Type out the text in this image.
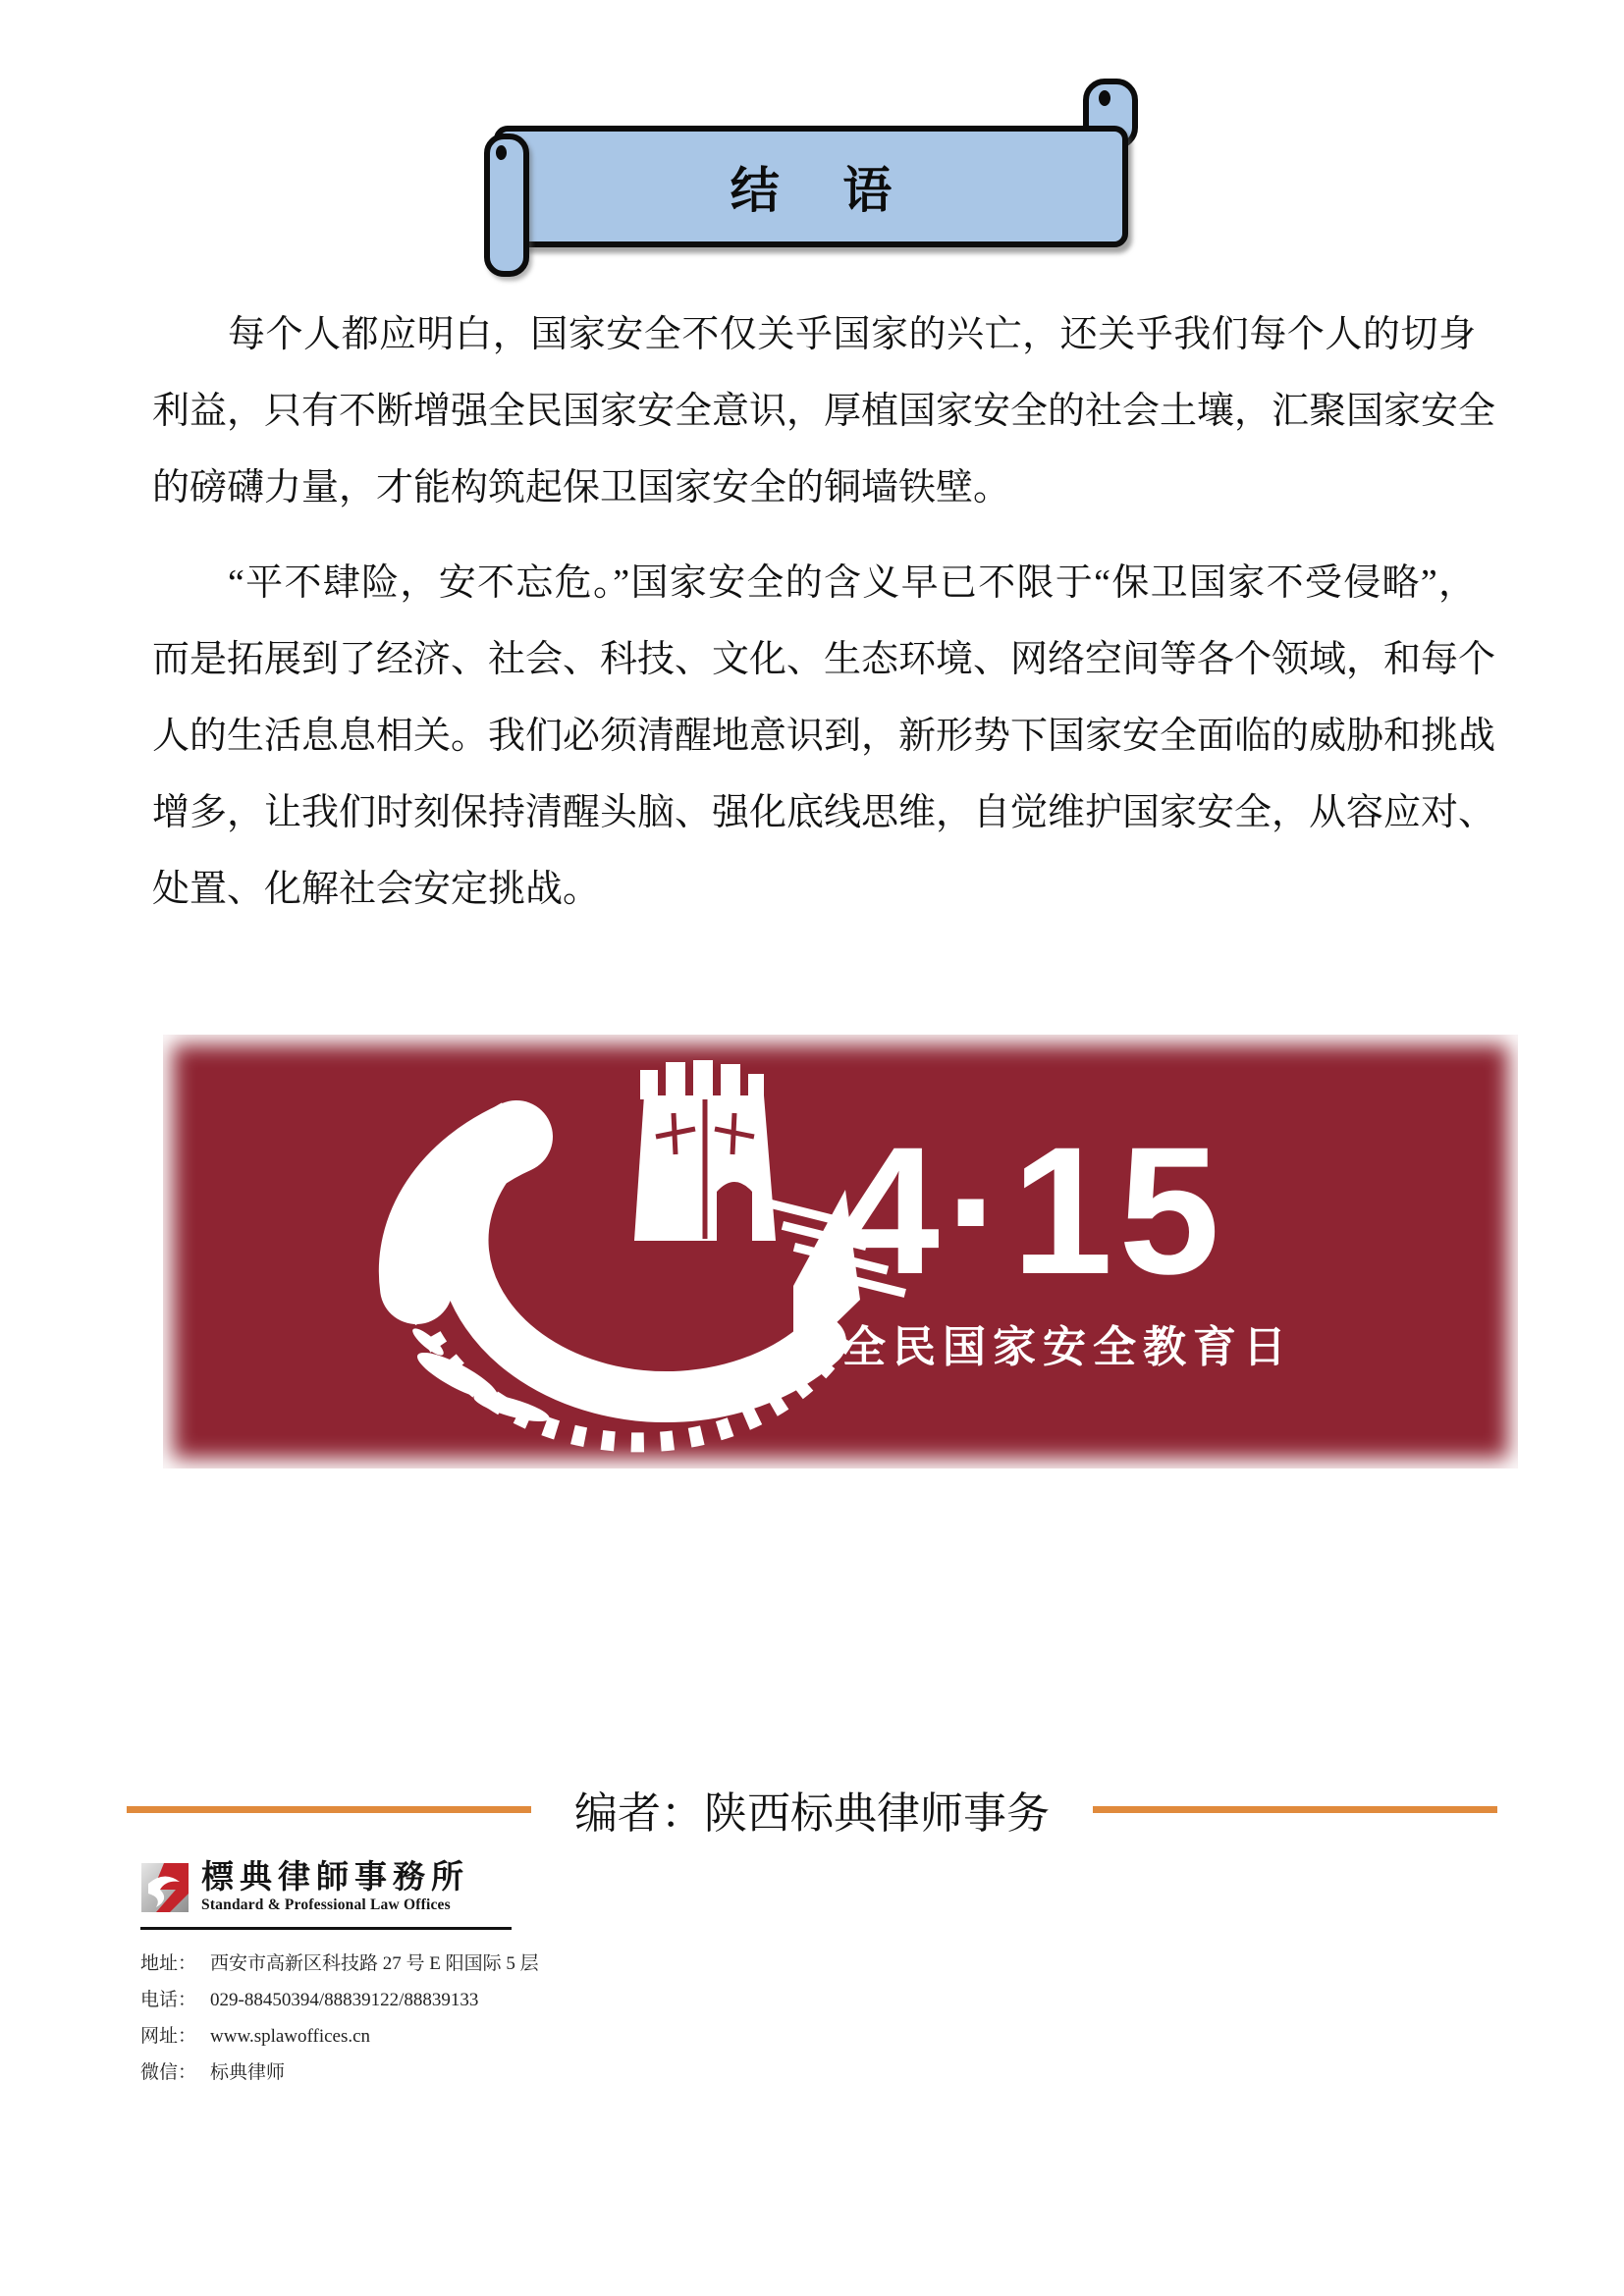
结 语
每个人都应明白，国家安全不仅关乎国家的兴亡，还关乎我们每个人的切身
利益，只有不断增强全民国家安全意识，厚植国家安全的社会土壤，汇聚国家安全
的磅礴力量，才能构筑起保卫国家安全的铜墙铁壁。
“平不肆险，安不忘危。”国家安全的含义早已不限于“保卫国家不受侵略”，
而是拓展到了经济、社会、科技、文化、生态环境、网络空间等各个领域，和每个
人的生活息息相关。我们必须清醒地意识到，新形势下国家安全面临的威胁和挑战
增多，让我们时刻保持清醒头脑、强化底线思维，自觉维护国家安全，从容应对、
处置、化解社会安定挑战。
4·15
全民国家安全教育日
编者：陕西标典律师事务
標典律師事務所
Standard & Professional Law Offices
地址： 西安市高新区科技路 27 号 E 阳国际 5 层
电话： 029-88450394/88839122/88839133
网址： www.splawoffices.cn
微信： 标典律师
